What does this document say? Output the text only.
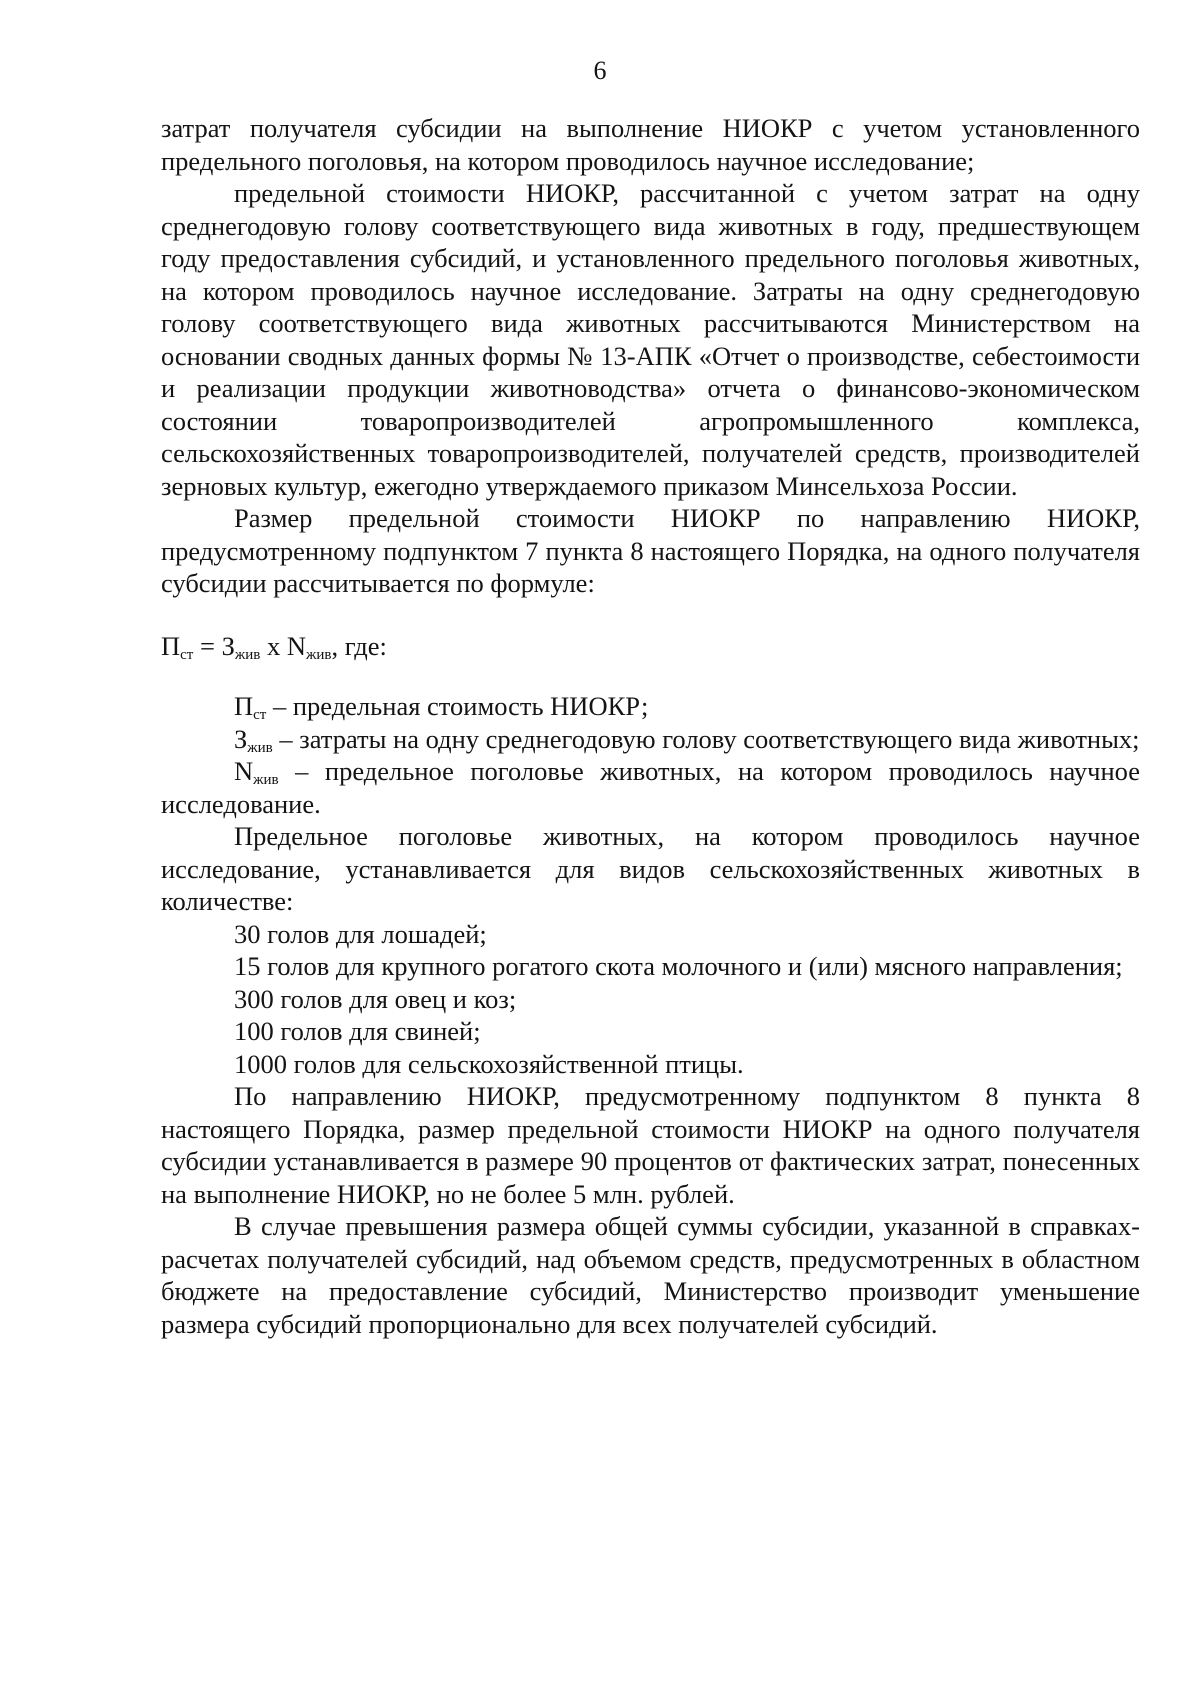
6

затрат получателя субсидии на выполнение НИОКР с учетом установленного предельного поголовья, на котором проводилось научное исследование;

предельной стоимости НИОКР, рассчитанной с учетом затрат на одну среднегодовую голову соответствующего вида животных в году, предшествующем году предоставления субсидий, и установленного предельного поголовья животных, на котором проводилось научное исследование. Затраты на одну среднегодовую голову соответствующего вида животных рассчитываются Министерством на основании сводных данных формы № 13-АПК «Отчет о производстве, себестоимости и реализации продукции животноводства» отчета о финансово-экономическом состоянии товаропроизводителей агропромышленного комплекса, сельскохозяйственных товаропроизводителей, получателей средств, производителей зерновых культур, ежегодно утверждаемого приказом Минсельхоза России.

Размер предельной стоимости НИОКР по направлению НИОКР, предусмотренному подпунктом 7 пункта 8 настоящего Порядка, на одного получателя субсидии рассчитывается по формуле:

$П_{ст} = З_{жив}$ х $N_{жив}$, где:

$П_{ст}$ – предельная стоимость НИОКР;

$З_{жив}$ – затраты на одну среднегодовую голову соответствующего вида животных;

$N_{жив}$ – предельное поголовье животных, на котором проводилось научное исследование.

Предельное поголовье животных, на котором проводилось научное исследование, устанавливается для видов сельскохозяйственных животных в количестве:

30 голов для лошадей;

15 голов для крупного рогатого скота молочного и (или) мясного направления;

300 голов для овец и коз;

100 голов для свиней;

1000 голов для сельскохозяйственной птицы.

По направлению НИОКР, предусмотренному подпунктом 8 пункта 8 настоящего Порядка, размер предельной стоимости НИОКР на одного получателя субсидии устанавливается в размере 90 процентов от фактических затрат, понесенных на выполнение НИОКР, но не более 5 млн. рублей.

В случае превышения размера общей суммы субсидии, указанной в справках-расчетах получателей субсидий, над объемом средств, предусмотренных в областном бюджете на предоставление субсидий, Министерство производит уменьшение размера субсидий пропорционально для всех получателей субсидий.
